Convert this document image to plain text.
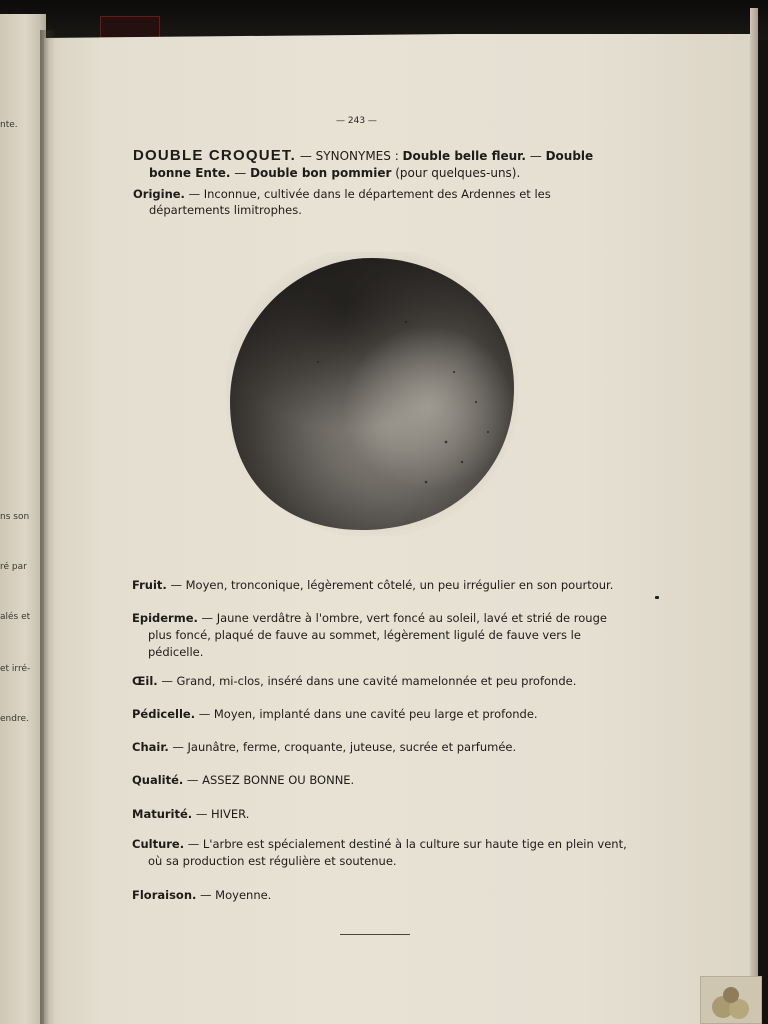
nte.
ns son
ré par
alés et
et irré-
endre.
— 243 —
DOUBLE CROQUET. — SYNONYMES : Double belle fleur. — Double bonne Ente. — Double bon pommier (pour quelques-uns).
Origine. — Inconnue, cultivée dans le département des Ardennes et les départements limitrophes.
Fruit. — Moyen, tronconique, légèrement côtelé, un peu irrégulier en son pourtour.
Epiderme. — Jaune verdâtre à l'ombre, vert foncé au soleil, lavé et strié de rouge plus foncé, plaqué de fauve au sommet, légèrement ligulé de fauve vers le pédicelle.
Œil. — Grand, mi-clos, inséré dans une cavité mamelonnée et peu profonde.
Pédicelle. — Moyen, implanté dans une cavité peu large et profonde.
Chair. — Jaunâtre, ferme, croquante, juteuse, sucrée et parfumée.
Qualité. — ASSEZ BONNE OU BONNE.
Maturité. — HIVER.
Culture. — L'arbre est spécialement destiné à la culture sur haute tige en plein vent, où sa production est régulière et soutenue.
Floraison. — Moyenne.
